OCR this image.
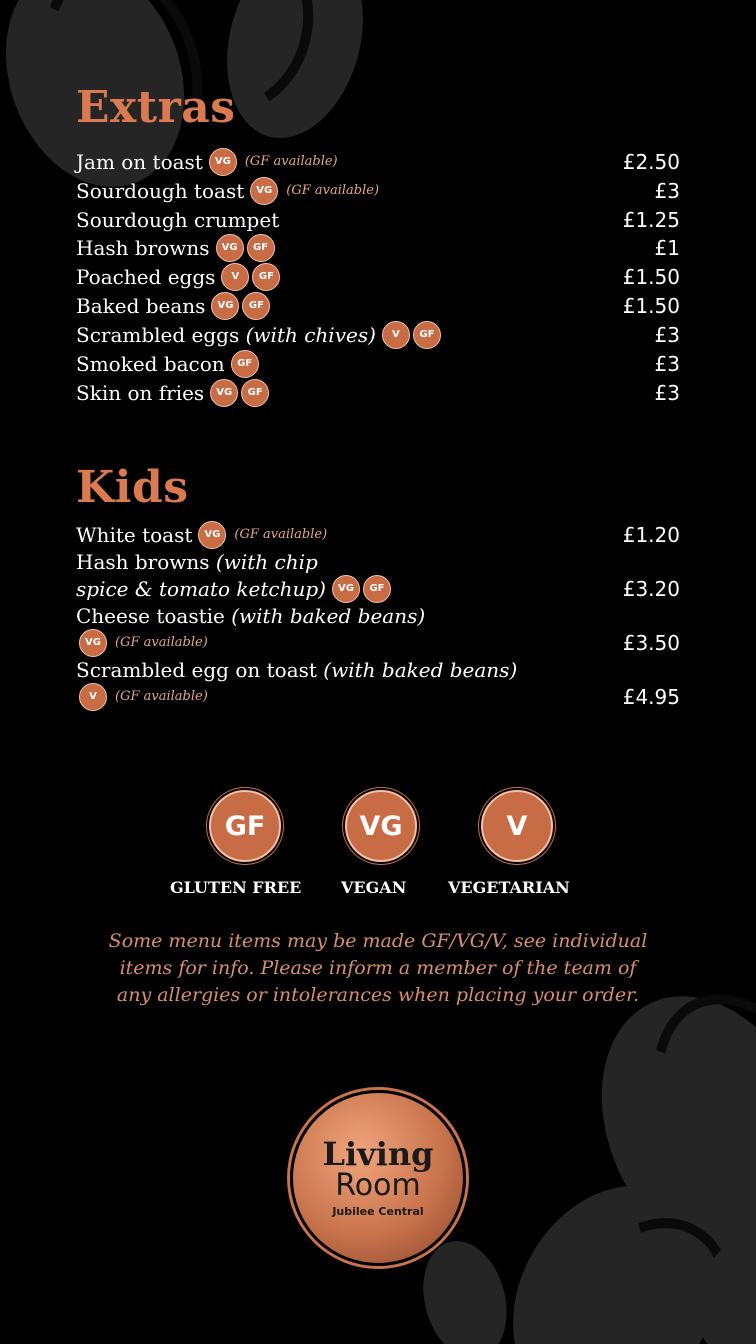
Extras
Jam on toast	VG	(GF available)	£2.50
Sourdough toast	VG	(GF available)	£3
Sourdough crumpet	£1.25
Hash browns	VG	GF	£1
Poached eggs	V	GF	£1.50
Baked beans	VG	GF	£1.50
Scrambled eggs (with chives)	V	GF	£3
Smoked bacon	GF	£3
Skin on fries	VG	GF	£3
Kids
White toast	VG	(GF available)	£1.20
Hash browns (with chip
spice & tomato ketchup)	VG	GF	£3.20
Cheese toastie (with baked beans)
VG	(GF available)	£3.50
Scrambled egg on toast (with baked beans)
V	(GF available)	£4.95
GF	VG	V
GLUTEN FREE VEGAN	VEGETARIAN
Some menu items may be made GF/VG/V, see individual items for info. Please inform a member of the team of any allergies or intolerances when placing your order.
Living
Room
Jubilee Central
